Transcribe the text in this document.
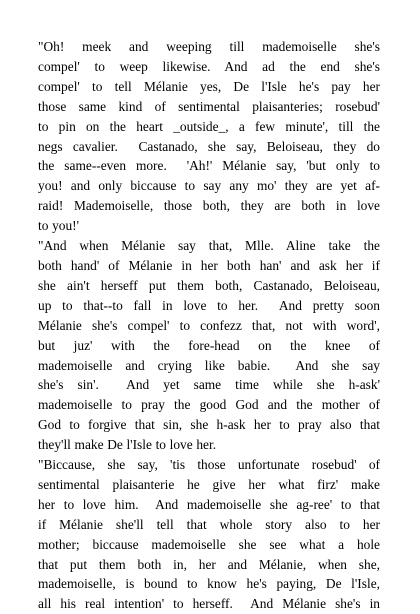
"Oh! meek and weeping till mademoiselle she's
compel' to weep likewise. And ad the end she's
compel' to tell Mélanie yes, De l'Isle he's pay her
those same kind of sentimental plaisanteries; rosebud'
to pin on the heart _outside_, a few minute', till the
negs cavalier.  Castanado, she say, Beloiseau, they do
the same--even more.  'Ah!' Mélanie say, 'but only to
you! and only biccause to say any mo' they are yet af-
raid! Mademoiselle, those both, they are both in love
to you!'
"And when Mélanie say that, Mlle. Aline take the
both hand' of Mélanie in her both han' and ask her if
she ain't herseff put them both, Castanado, Beloiseau,
up to that--to fall in love to her.  And pretty soon
Mélanie she's compel' to confezz that, not with word',
but juz' with the fore-head on the knee of
mademoiselle and crying like babie.  And she say
she's sin'.  And yet same time while she h-ask'
mademoiselle to pray the good God and the mother of
God to forgive that sin, she h-ask her to pray also that
they'll make De l'Isle to love her.
"Biccause, she say, 'tis those unfortunate rosebud' of
sentimental plaisanterie he give her what firz' make
her to love him.  And mademoiselle she ag-ree' to that
if Mélanie she'll tell that whole story also to her
mother; biccause mademoiselle she see what a hole
that put them both in, her and Mélanie, when she,
mademoiselle, is bound to know he's paying, De l'Isle,
all his real intention' to herseff.  And Mélanie she's in
